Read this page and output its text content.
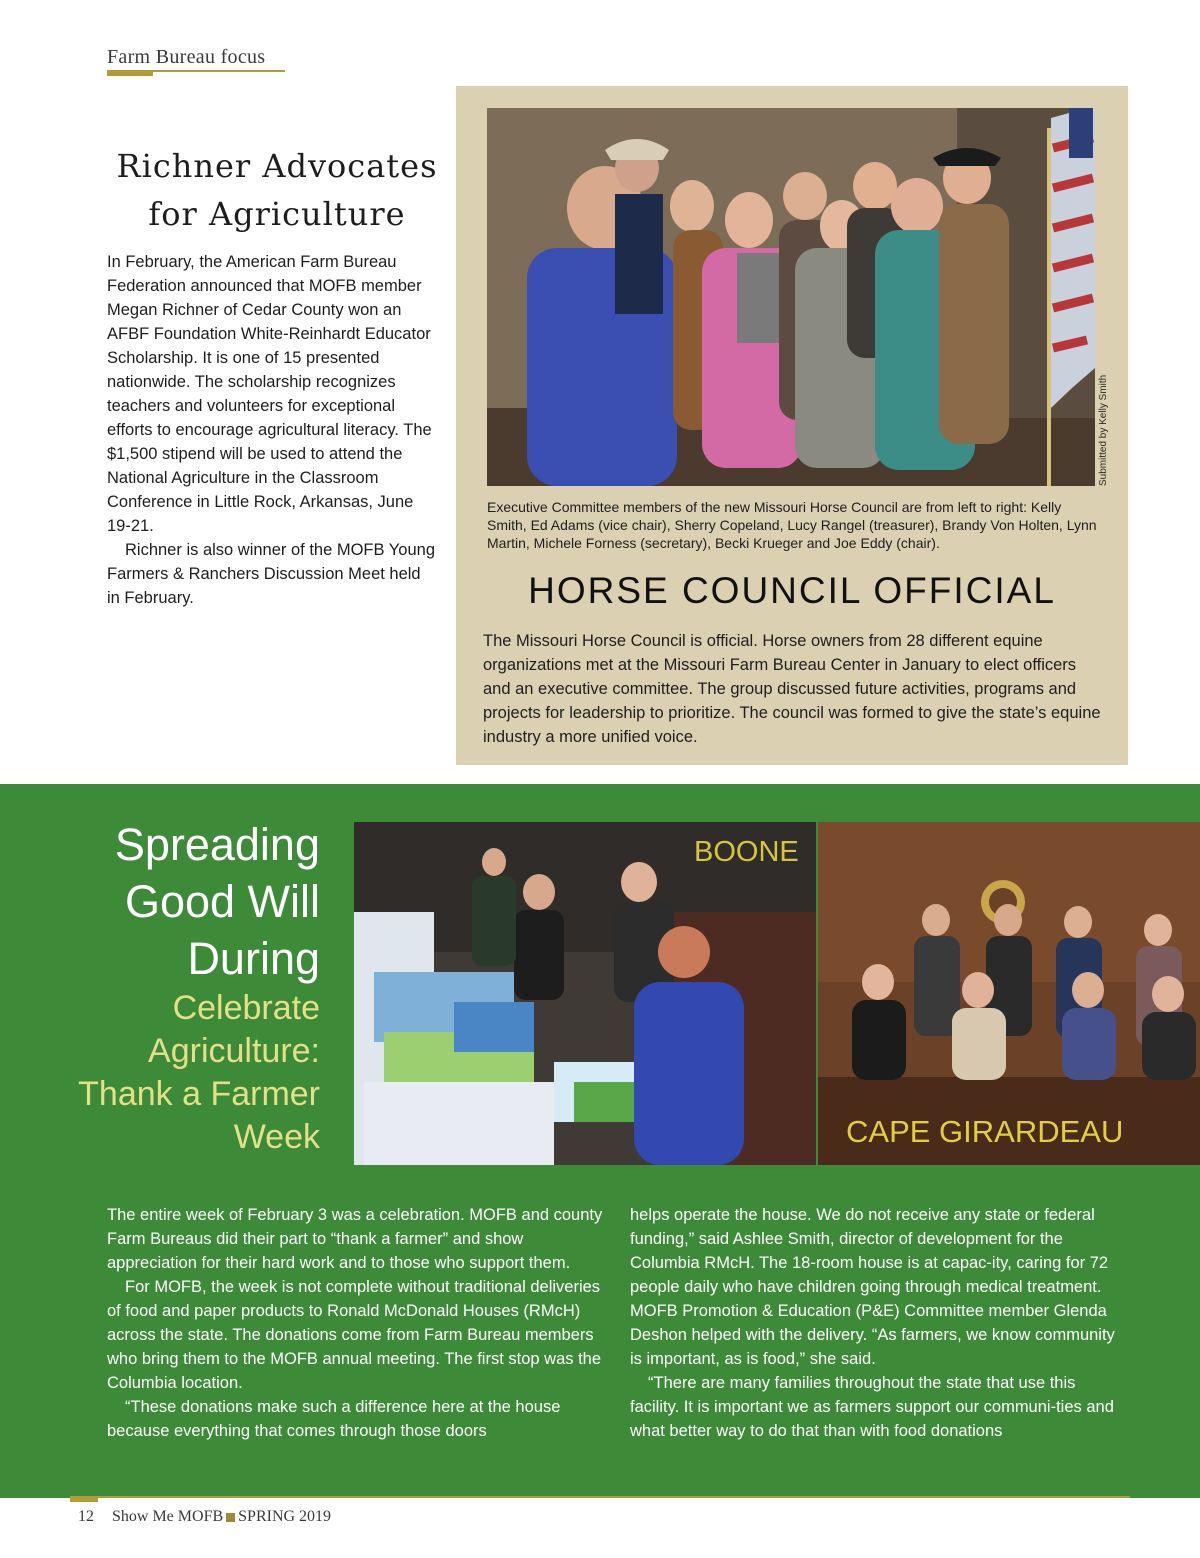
Farm Bureau focus
Richner Advocates
for Agriculture

In February, the American Farm Bureau Federation announced that MOFB member Megan Richner of Cedar County won an AFBF Foundation White-Reinhardt Educator Scholarship. It is one of 15 presented nationwide. The scholarship recognizes teachers and volunteers for exceptional efforts to encourage agricultural literacy. The $1,500 stipend will be used to attend the National Agriculture in the Classroom Conference in Little Rock, Arkansas, June 19-21.

Richner is also winner of the MOFB Young Farmers & Ranchers Discussion Meet held in February.

Submitted by Kelly Smith
Executive Committee members of the new Missouri Horse Council are from left to right: Kelly Smith, Ed Adams (vice chair), Sherry Copeland, Lucy Rangel (treasurer), Brandy Von Holten, Lynn Martin, Michele Forness (secretary), Becki Krueger and Joe Eddy (chair).
HORSE COUNCIL OFFICIAL
The Missouri Horse Council is official. Horse owners from 28 different equine organizations met at the Missouri Farm Bureau Center in January to elect officers and an executive committee. The group discussed future activities, programs and projects for leadership to prioritize. The council was formed to give the state’s equine industry a more unified voice.
Spreading
Good Will
During
Celebrate
Agriculture:
Thank a Farmer
Week
BOONE
CAPE GIRARDEAU

The entire week of February 3 was a celebration. MOFB and county Farm Bureaus did their part to “thank a farmer” and show appreciation for their hard work and to those who support them.

For MOFB, the week is not complete without traditional deliveries of food and paper products to Ronald McDonald Houses (RMcH) across the state. The donations come from Farm Bureau members who bring them to the MOFB annual meeting. The first stop was the Columbia location.

“These donations make such a difference here at the house because everything that comes through those doors

helps operate the house. We do not receive any state or federal funding,” said Ashlee Smith, director of development for the Columbia RMcH. The 18-room house is at capac-ity, caring for 72 people daily who have children going through medical treatment. MOFB Promotion & Education (P&E) Committee member Glenda Deshon helped with the delivery. “As farmers, we know community is important, as is food,” she said.

“There are many families throughout the state that use this facility. It is important we as farmers support our communi-ties and what better way to do that than with food donations

12 Show Me MOFB SPRING 2019
